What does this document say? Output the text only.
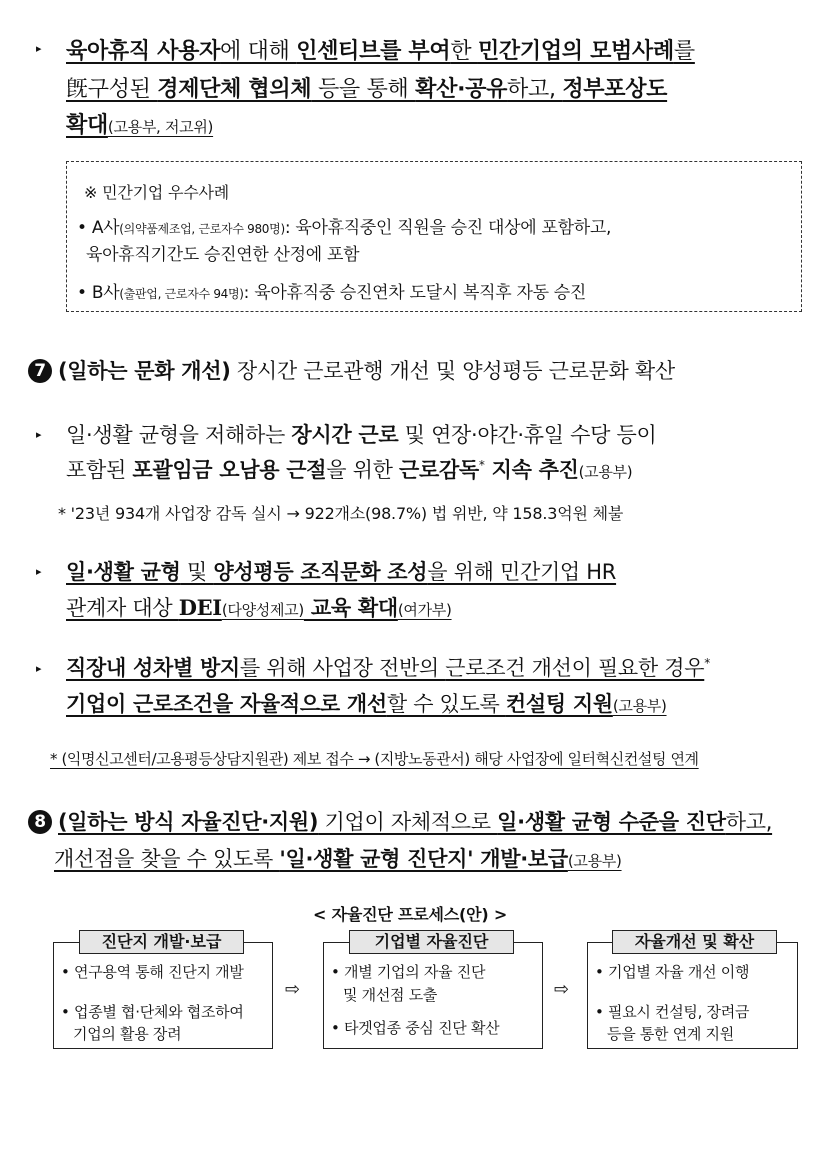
▸ 육아휴직 사용자에 대해 인센티브를 부여한 민간기업의 모범사례를
旣구성된 경제단체 협의체 등을 통해 확산·공유하고, 정부포상도
확대(고용부, 저고위)
※ 민간기업 우수사례
• A사(의약품제조업, 근로자수 980명): 육아휴직중인 직원을 승진 대상에 포함하고,
육아휴직기간도 승진연한 산정에 포함
• B사(출판업, 근로자수 94명): 육아휴직중 승진연차 도달시 복직후 자동 승진
7 (일하는 문화 개선) 장시간 근로관행 개선 및 양성평등 근로문화 확산
▸ 일·생활 균형을 저해하는 장시간 근로 및 연장·야간·휴일 수당 등이
포함된 포괄임금 오남용 근절을 위한 근로감독* 지속 추진(고용부)
* '23년 934개 사업장 감독 실시 → 922개소(98.7%) 법 위반, 약 158.3억원 체불
▸ 일·생활 균형 및 양성평등 조직문화 조성을 위해 민간기업 HR
관계자 대상 DEI(다양성제고) 교육 확대(여가부)
▸ 직장내 성차별 방지를 위해 사업장 전반의 근로조건 개선이 필요한 경우*
기업이 근로조건을 자율적으로 개선할 수 있도록 컨설팅 지원(고용부)
* (익명신고센터/고용평등상담지원관) 제보 접수 → (지방노동관서) 해당 사업장에 일터혁신컨설팅 연계
8 (일하는 방식 자율진단·지원) 기업이 자체적으로 일·생활 균형 수준을 진단하고,
개선점을 찾을 수 있도록 '일·생활 균형 진단지' 개발·보급(고용부)
< 자율진단 프로세스(안) >
진단지 개발·보급
• 연구용역 통해 진단지 개발
• 업종별 협·단체와 협조하여
기업의 활용 장려
⇨
기업별 자율진단
• 개별 기업의 자율 진단
및 개선점 도출
• 타겟업종 중심 진단 확산
⇨
자율개선 및 확산
• 기업별 자율 개선 이행
• 필요시 컨설팅, 장려금
등을 통한 연계 지원
